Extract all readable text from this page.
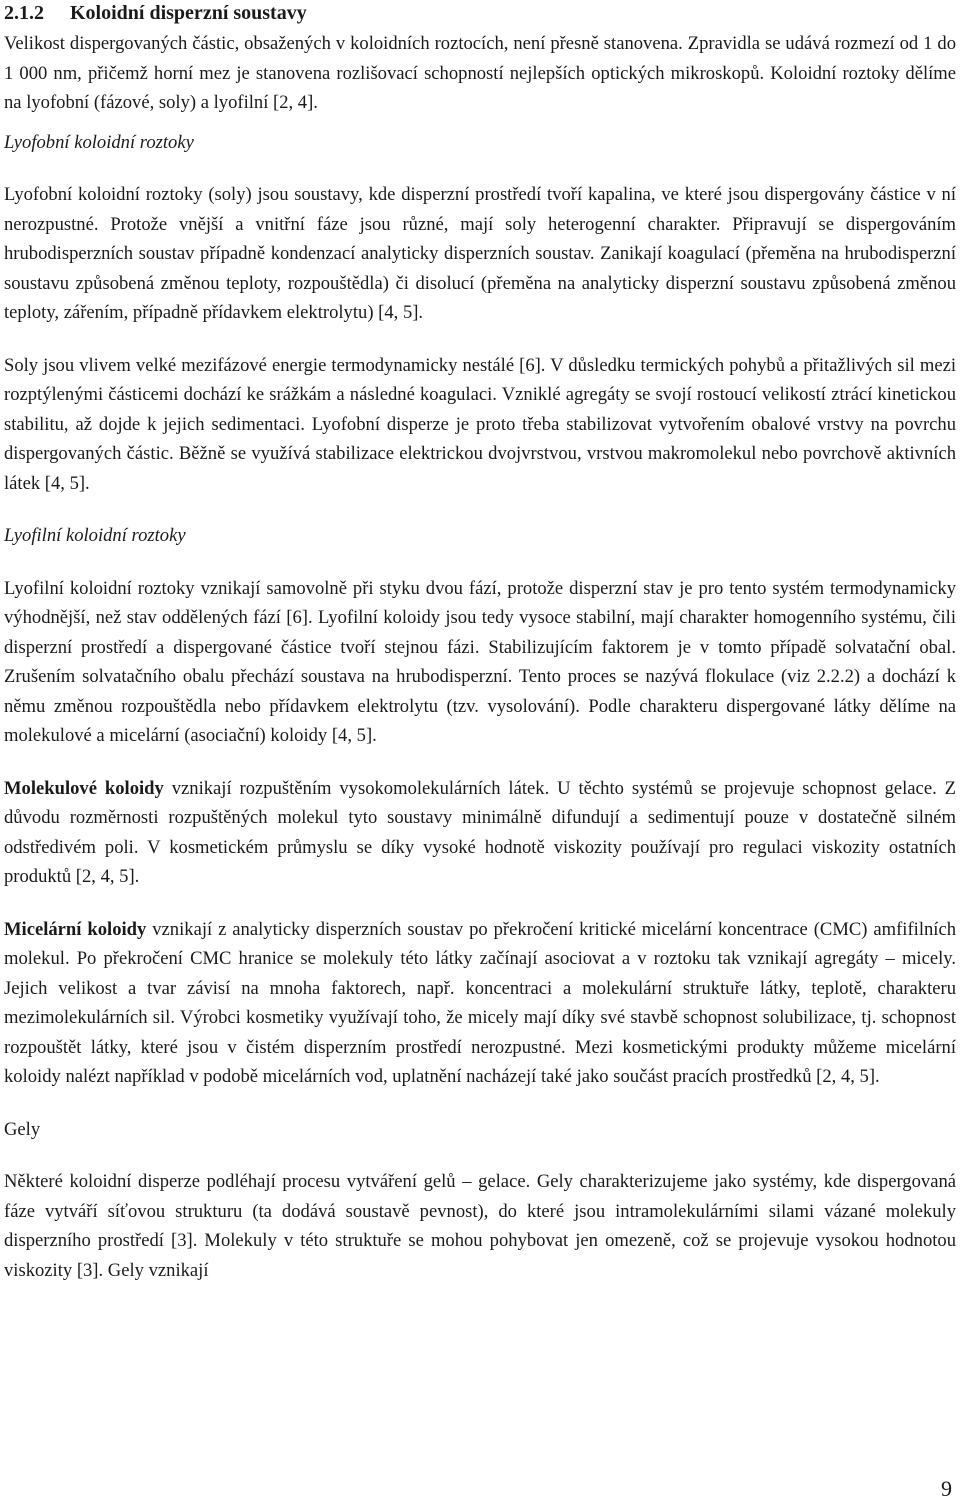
2.1.2 Koloidní disperzní soustavy

Velikost dispergovaných částic, obsažených v koloidních roztocích, není přesně stanovena. Zpravidla se udává rozmezí od 1 do 1 000 nm, přičemž horní mez je stanovena rozlišovací schopností nejlepších optických mikroskopů. Koloidní roztoky dělíme na lyofobní (fázové, soly) a lyofilní [2, 4].

Lyofobní koloidní roztoky

Lyofobní koloidní roztoky (soly) jsou soustavy, kde disperzní prostředí tvoří kapalina, ve které jsou dispergovány částice v ní nerozpustné. Protože vnější a vnitřní fáze jsou různé, mají soly heterogenní charakter. Připravují se dispergováním hrubodisperzních soustav případně kondenzací analyticky disperzních soustav. Zanikají koagulací (přeměna na hrubodisperzní soustavu způsobená změnou teploty, rozpouštědla) či disolucí (přeměna na analyticky disperzní soustavu způsobená změnou teploty, zářením, případně přídavkem elektrolytu) [4, 5].

Soly jsou vlivem velké mezifázové energie termodynamicky nestálé [6]. V důsledku termických pohybů a přitažlivých sil mezi rozptýlenými částicemi dochází ke srážkám a následné koagulaci. Vzniklé agregáty se svojí rostoucí velikostí ztrácí kinetickou stabilitu, až dojde k jejich sedimentaci. Lyofobní disperze je proto třeba stabilizovat vytvořením obalové vrstvy na povrchu dispergovaných částic. Běžně se využívá stabilizace elektrickou dvojvrstvou, vrstvou makromolekul nebo povrchově aktivních látek [4, 5].

Lyofilní koloidní roztoky

Lyofilní koloidní roztoky vznikají samovolně při styku dvou fází, protože disperzní stav je pro tento systém termodynamicky výhodnější, než stav oddělených fází [6]. Lyofilní koloidy jsou tedy vysoce stabilní, mají charakter homogenního systému, čili disperzní prostředí a dispergované částice tvoří stejnou fázi. Stabilizujícím faktorem je v tomto případě solvatační obal. Zrušením solvatačního obalu přechází soustava na hrubodisperzní. Tento proces se nazývá flokulace (viz 2.2.2) a dochází k němu změnou rozpouštědla nebo přídavkem elektrolytu (tzv. vysolování). Podle charakteru dispergované látky dělíme na molekulové a micelární (asociační) koloidy [4, 5].

Molekulové koloidy vznikají rozpuštěním vysokomolekulárních látek. U těchto systémů se projevuje schopnost gelace. Z důvodu rozměrnosti rozpuštěných molekul tyto soustavy minimálně difundují a sedimentují pouze v dostatečně silném odstředivém poli. V kosmetickém průmyslu se díky vysoké hodnotě viskozity používají pro regulaci viskozity ostatních produktů [2, 4, 5].

Micelární koloidy vznikají z analyticky disperzních soustav po překročení kritické micelární koncentrace (CMC) amfifilních molekul. Po překročení CMC hranice se molekuly této látky začínají asociovat a v roztoku tak vznikají agregáty – micely. Jejich velikost a tvar závisí na mnoha faktorech, např. koncentraci a molekulární struktuře látky, teplotě, charakteru mezimolekulárních sil. Výrobci kosmetiky využívají toho, že micely mají díky své stavbě schopnost solubilizace, tj. schopnost rozpouštět látky, které jsou v čistém disperzním prostředí nerozpustné. Mezi kosmetickými produkty můžeme micelární koloidy nalézt například v podobě micelárních vod, uplatnění nacházejí také jako součást pracích prostředků [2, 4, 5].

Gely

Některé koloidní disperze podléhají procesu vytváření gelů – gelace. Gely charakterizujeme jako systémy, kde dispergovaná fáze vytváří síťovou strukturu (ta dodává soustavě pevnost), do které jsou intramolekulárními silami vázané molekuly disperzního prostředí [3]. Molekuly v této struktuře se mohou pohybovat jen omezeně, což se projevuje vysokou hodnotou viskozity [3]. Gely vznikají

9
